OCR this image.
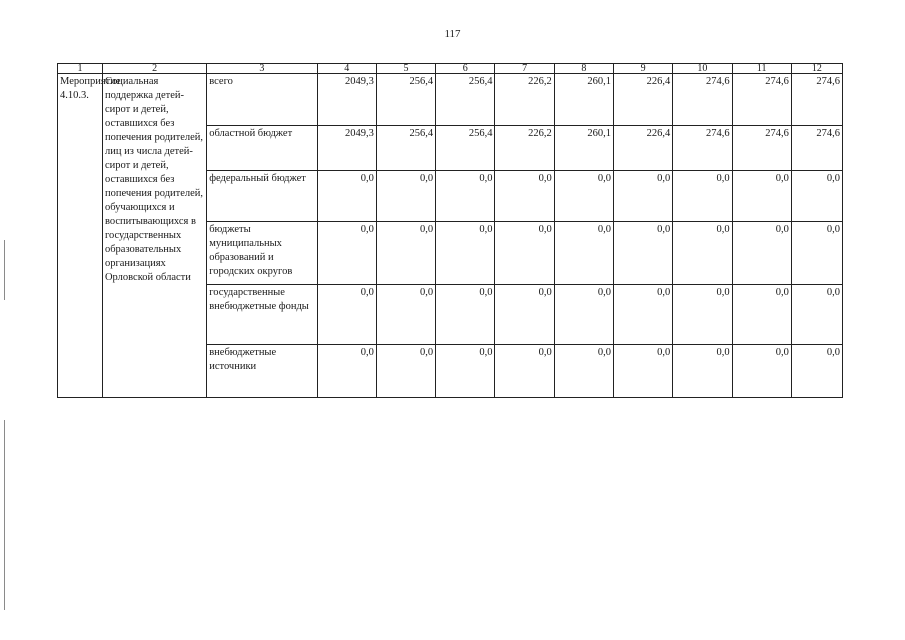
117
1	2	3	4	5	6	7	8	9	10	11	12
Мероприятие 4.10.3.	Социальная поддержка детей-сирот и детей, оставшихся без попечения родителей, лиц из числа детей-сирот и детей, оставшихся без попечения родителей, обучающихся и воспитывающихся в государственных образовательных организациях Орловской области	всего	2049,3	256,4	256,4	226,2	260,1	226,4	274,6	274,6	274,6
		областной бюджет	2049,3	256,4	256,4	226,2	260,1	226,4	274,6	274,6	274,6
		федеральный бюджет	0,0	0,0	0,0	0,0	0,0	0,0	0,0	0,0	0,0
		бюджеты муниципальных образований и городских округов	0,0	0,0	0,0	0,0	0,0	0,0	0,0	0,0	0,0
		государственные внебюджетные фонды	0,0	0,0	0,0	0,0	0,0	0,0	0,0	0,0	0,0
		внебюджетные источники	0,0	0,0	0,0	0,0	0,0	0,0	0,0	0,0	0,0
